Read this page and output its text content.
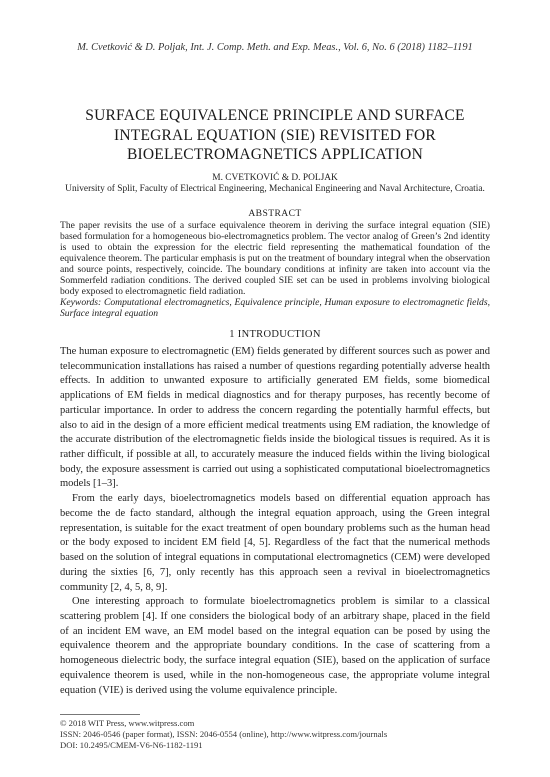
M. Cvetković & D. Poljak, Int. J. Comp. Meth. and Exp. Meas., Vol. 6, No. 6 (2018) 1182–1191
SURFACE EQUIVALENCE PRINCIPLE AND SURFACE
INTEGRAL EQUATION (SIE) REVISITED FOR
BIOELECTROMAGNETICS APPLICATION
M. CVETKOVIĆ & D. POLJAK
University of Split, Faculty of Electrical Engineering, Mechanical Engineering and Naval Architecture, Croatia.
ABSTRACT
The paper revisits the use of a surface equivalence theorem in deriving the surface integral equation (SIE) based formulation for a homogeneous bio-electromagnetics problem. The vector analog of Green’s 2nd identity is used to obtain the expression for the electric field representing the mathematical foundation of the equivalence theorem. The particular emphasis is put on the treatment of boundary integral when the observation and source points, respectively, coincide. The boundary conditions at infinity are taken into account via the Sommerfeld radiation conditions. The derived coupled SIE set can be used in problems involving biological body exposed to electromagnetic field radiation.
Keywords: Computational electromagnetics, Equivalence principle, Human exposure to electromagnetic fields, Surface integral equation
1 INTRODUCTION

The human exposure to electromagnetic (EM) fields generated by different sources such as power and telecommunication installations has raised a number of questions regarding potentially adverse health effects. In addition to unwanted exposure to artificially generated EM fields, some biomedical applications of EM fields in medical diagnostics and for therapy purposes, has recently become of particular importance. In order to address the concern regarding the potentially harmful effects, but also to aid in the design of a more efficient medical treatments using EM radiation, the knowledge of the accurate distribution of the electromagnetic fields inside the biological tissues is required. As it is rather difficult, if possible at all, to accurately measure the induced fields within the living biological body, the exposure assessment is carried out using a sophisticated computational bioelectromagnetics models [1–3].

From the early days, bioelectromagnetics models based on differential equation approach has become the de facto standard, although the integral equation approach, using the Green integral representation, is suitable for the exact treatment of open boundary problems such as the human head or the body exposed to incident EM field [4, 5]. Regardless of the fact that the numerical methods based on the solution of integral equations in computational electromagnetics (CEM) were developed during the sixties [6, 7], only recently has this approach seen a revival in bioelectromagnetics community [2, 4, 5, 8, 9].

One interesting approach to formulate bioelectromagnetics problem is similar to a classical scattering problem [4]. If one considers the biological body of an arbitrary shape, placed in the field of an incident EM wave, an EM model based on the integral equation can be posed by using the equivalence theorem and the appropriate boundary conditions. In the case of scattering from a homogeneous dielectric body, the surface integral equation (SIE), based on the application of surface equivalence theorem is used, while in the non-homogeneous case, the appropriate volume integral equation (VIE) is derived using the volume equivalence principle.

© 2018 WIT Press, www.witpress.com
ISSN: 2046-0546 (paper format), ISSN: 2046-0554 (online), http://www.witpress.com/journals
DOI: 10.2495/CMEM-V6-N6-1182-1191
